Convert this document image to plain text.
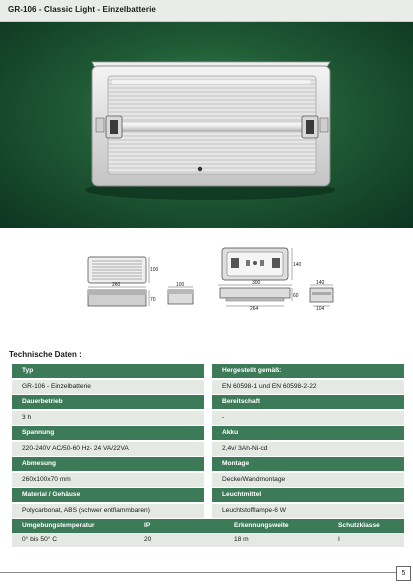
GR-106 - Classic Light - Einzelbatterie
100
260
70
100
140
300
60
264
140
104
Technische Daten :
Typ	Hergestellt gemäß:
GR-106 - Einzelbatterie	EN 60598-1 und EN 60598-2-22
Dauerbetrieb	Bereitschaft
3 h	-
Spannung	Akku
220-240V AC/50-60 Hz- 24 VA/22VA	2,4v/ 3Ah-Ni-cd
Abmesung	Montage
260x100x70 mm	Decke/Wandmontage
Material / Gehäuse	Leuchtmittel
Polycarbonat, ABS (schwer entflammbaren)	Leuchtstofflampe-6 W
Umgebungstemperatur	IP	Erkennungsweite	Schutzklasse
0° bis 50° C	20	18 m	I
5
